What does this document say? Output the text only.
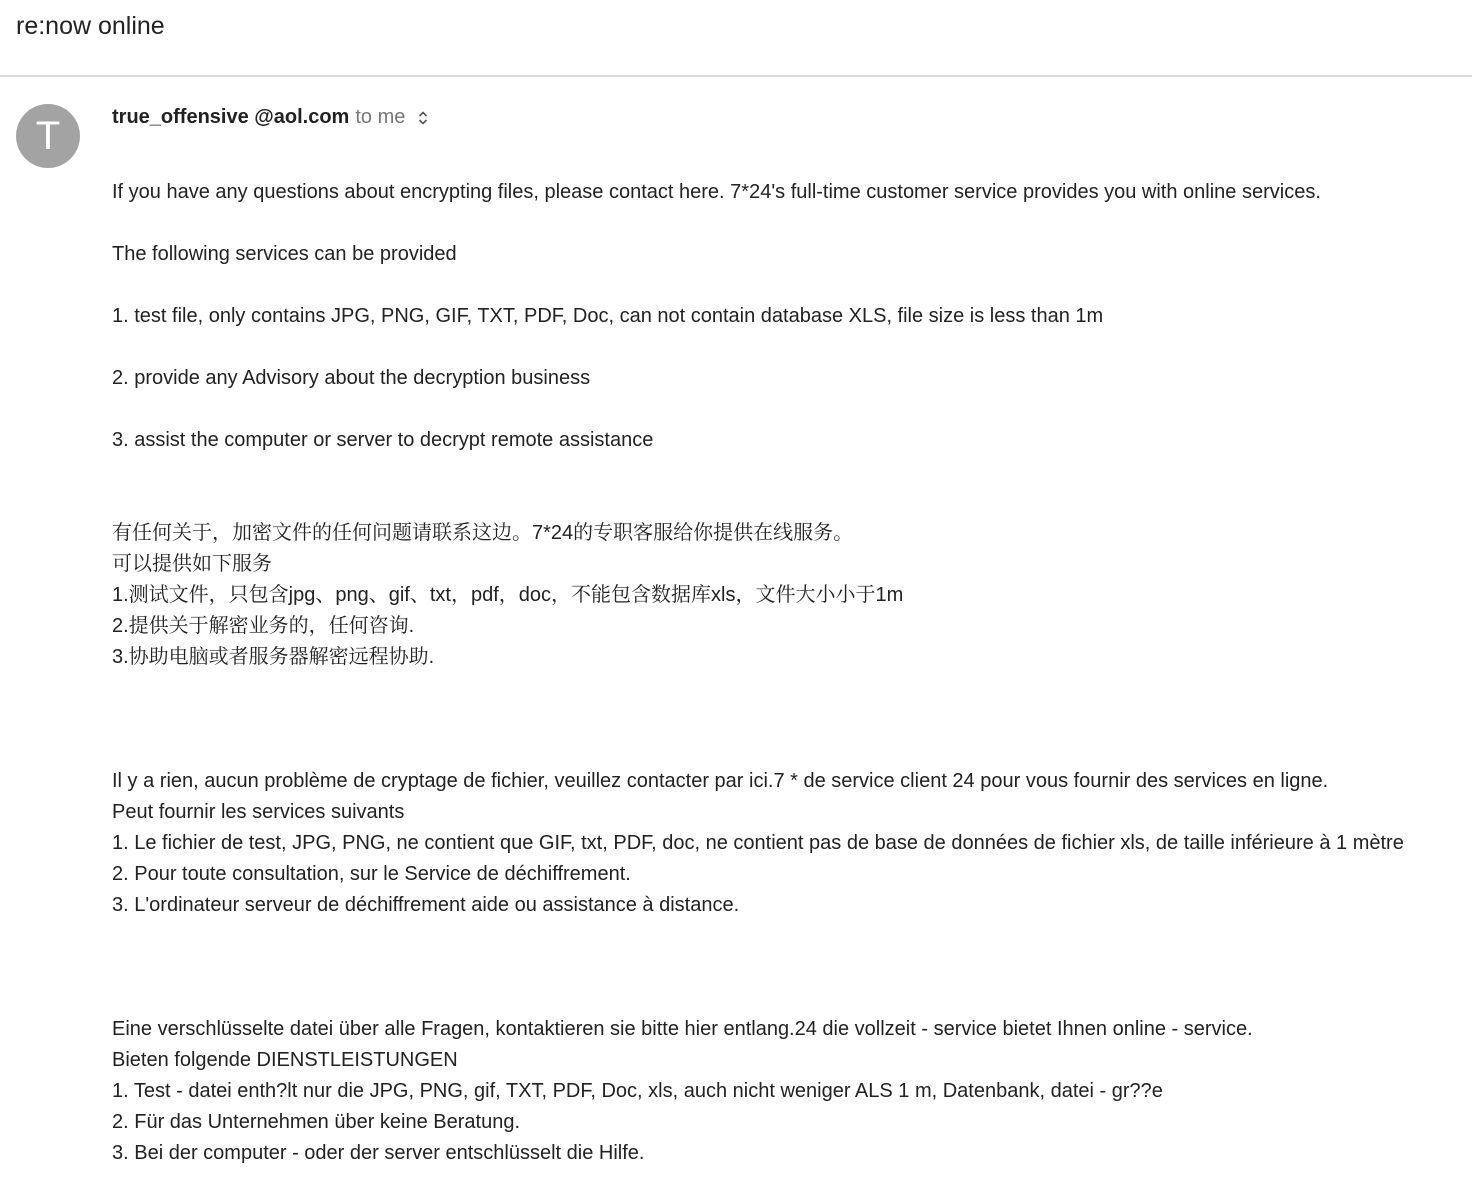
re:now online
T	true_offensive @aol.com to me
If you have any questions about encrypting files, please contact here. 7*24's full-time customer service provides you with online services.
The following services can be provided
1. test file, only contains JPG, PNG, GIF, TXT, PDF, Doc, can not contain database XLS, file size is less than 1m
2. provide any Advisory about the decryption business
3. assist the computer or server to decrypt remote assistance
有任何关于，加密文件的任何问题请联系这边。7*24的专职客服给你提供在线服务。
可以提供如下服务
1.测试文件，只包含jpg、png、gif、txt，pdf，doc，不能包含数据库xls，文件大小小于1m
2.提供关于解密业务的，任何咨询.
3.协助电脑或者服务器解密远程协助.
Il y a rien, aucun problème de cryptage de fichier, veuillez contacter par ici.7 * de service client 24 pour vous fournir des services en ligne.
Peut fournir les services suivants
1. Le fichier de test, JPG, PNG, ne contient que GIF, txt, PDF, doc, ne contient pas de base de données de fichier xls, de taille inférieure à 1 mètre
2. Pour toute consultation, sur le Service de déchiffrement.
3. L'ordinateur serveur de déchiffrement aide ou assistance à distance.
Eine verschlüsselte datei über alle Fragen, kontaktieren sie bitte hier entlang.24 die vollzeit - service bietet Ihnen online - service.
Bieten folgende DIENSTLEISTUNGEN
1. Test - datei enth?lt nur die JPG, PNG, gif, TXT, PDF, Doc, xls, auch nicht weniger ALS 1 m, Datenbank, datei - gr??e
2. Für das Unternehmen über keine Beratung.
3. Bei der computer - oder der server entschlüsselt die Hilfe.
